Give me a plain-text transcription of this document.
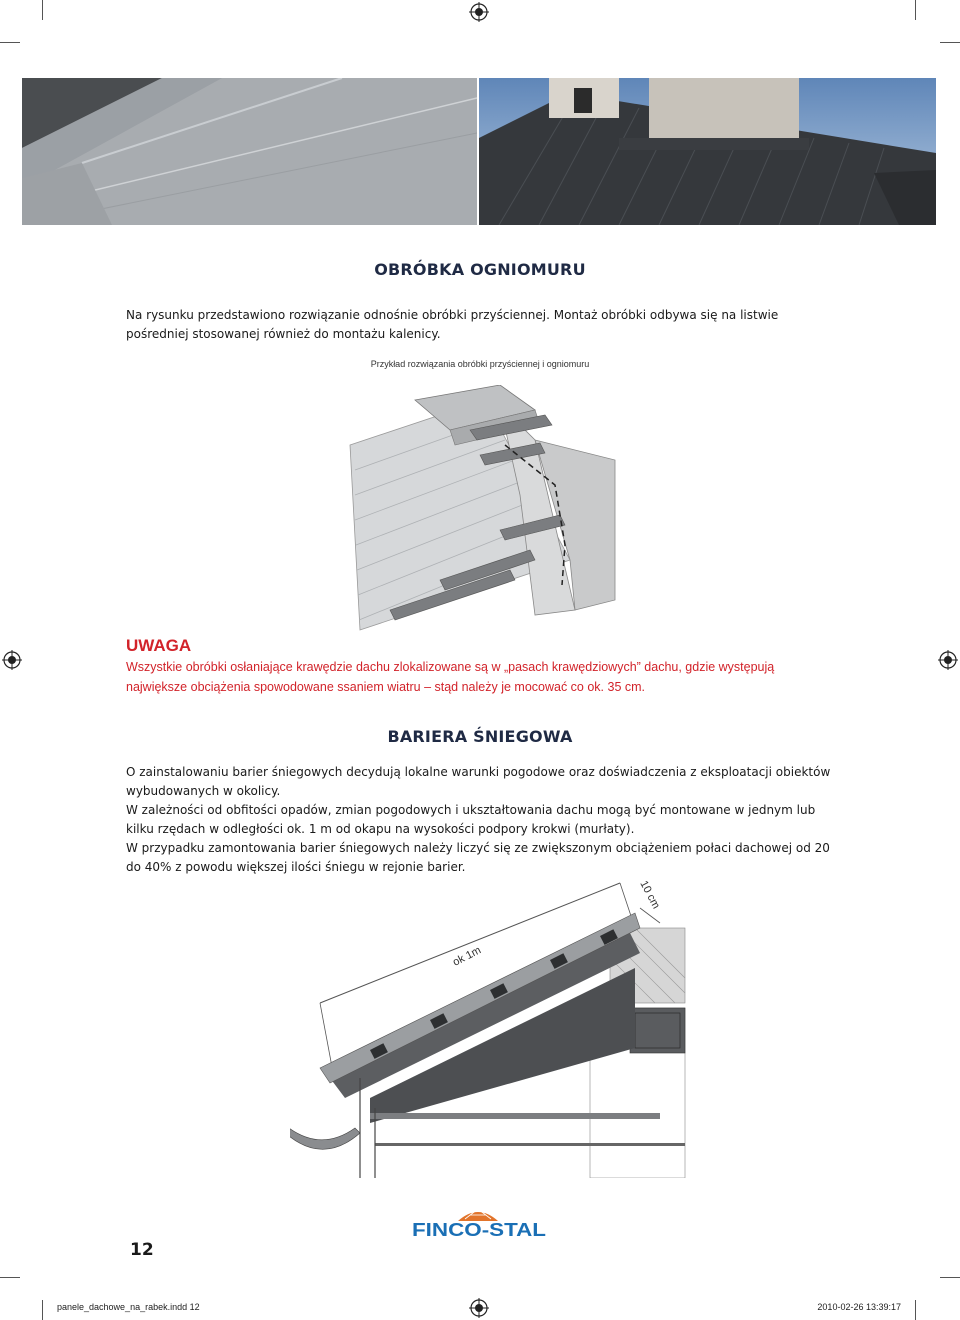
OBRÓBKA OGNIOMURU
Na rysunku przedstawiono rozwiązanie odnośnie obróbki przyściennej. Montaż obróbki odbywa się na listwie pośredniej stosowanej również do montażu kalenicy.
Przykład rozwiązania obróbki przyściennej i ogniomuru
UWAGA
Wszystkie obróbki osłaniające krawędzie dachu zlokalizowane są w „pasach krawędziowych” dachu, gdzie występują największe obciążenia spowodowane ssaniem wiatru – stąd należy je mocować co ok. 35 cm.
BARIERA ŚNIEGOWA
O zainstalowaniu barier śniegowych decydują lokalne warunki pogodowe oraz doświadczenia z eksploatacji obiektów wybudowanych w okolicy.
W zależności od obfitości opadów, zmian pogodowych i ukształtowania dachu mogą być montowane w jednym lub kilku rzędach w odległości ok. 1 m od okapu na wysokości podpory krokwi (murłaty).
W przypadku zamontowania barier śniegowych należy liczyć się ze zwiększonym obciążeniem połaci dachowej od 20 do 40% z powodu większej ilości śniegu w rejonie barier.
ok 1m
10 cm
12
FINCO-STAL
panele_dachowe_na_rabek.indd 12	2010-02-26 13:39:17
